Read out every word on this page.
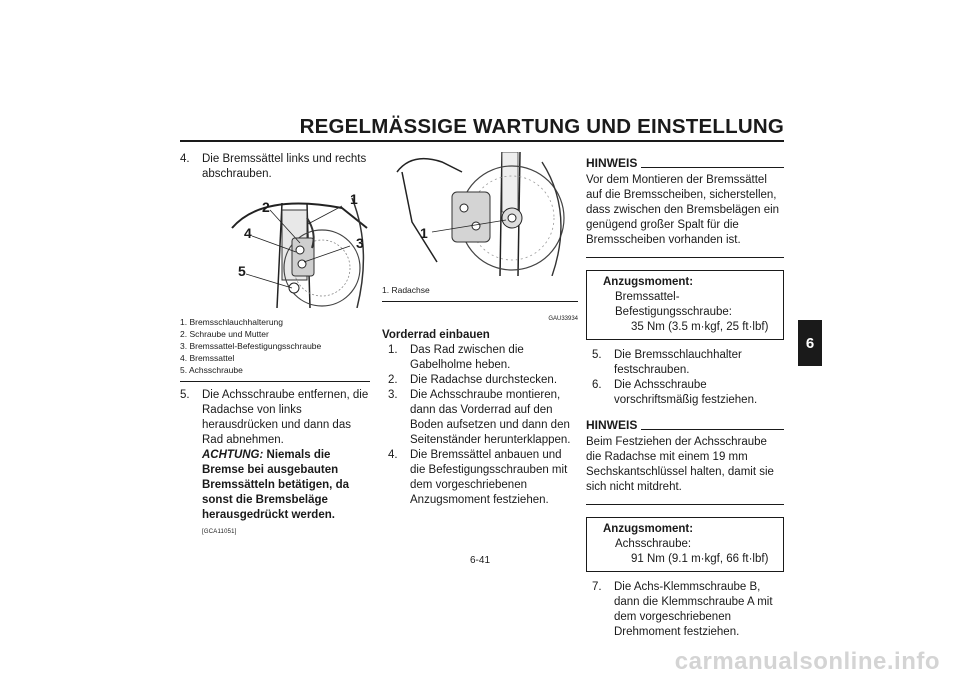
REGELMÄSSIGE WARTUNG UND EINSTELLUNG
6
4.	Die Bremssättel links und rechts abschrauben.
1
2
3
4
5
1. Bremsschlauchhalterung
2. Schraube und Mutter
3. Bremssattel-Befestigungsschraube
4. Bremssattel
5. Achsschraube
5.	Die Achsschraube entfernen, die Radachse von links herausdrücken und dann das Rad abnehmen.
ACHTUNG: Niemals die Bremse bei ausgebauten Bremssätteln betätigen, da sonst die Bremsbeläge herausgedrückt werden. [GCA11051]
1
1. Radachse
GAU33934
Vorderrad einbauen
1.	Das Rad zwischen die Gabelholme heben.
2.	Die Radachse durchstecken.
3.	Die Achsschraube montieren, dann das Vorderrad auf den Boden aufsetzen und dann den Seitenständer herunterklappen.
4.	Die Bremssättel anbauen und die Befestigungsschrauben mit dem vorgeschriebenen Anzugsmoment festziehen.
HINWEIS
Vor dem Montieren der Bremssättel auf die Bremsscheiben, sicherstellen, dass zwischen den Bremsbelägen ein genügend großer Spalt für die Bremsscheiben vorhanden ist.
Anzugsmoment:
Bremssattel-Befestigungsschraube:
35 Nm (3.5 m·kgf, 25 ft·lbf)
5.	Die Bremsschlauchhalter festschrauben.
6.	Die Achsschraube vorschriftsmäßig festziehen.
HINWEIS
Beim Festziehen der Achsschraube die Radachse mit einem 19 mm Sechskantschlüssel halten, damit sie sich nicht mitdreht.
Anzugsmoment:
Achsschraube:
91 Nm (9.1 m·kgf, 66 ft·lbf)
7.	Die Achs-Klemmschraube B, dann die Klemmschraube A mit dem vorgeschriebenen Drehmoment festziehen.
6-41
carmanualsonline.info
